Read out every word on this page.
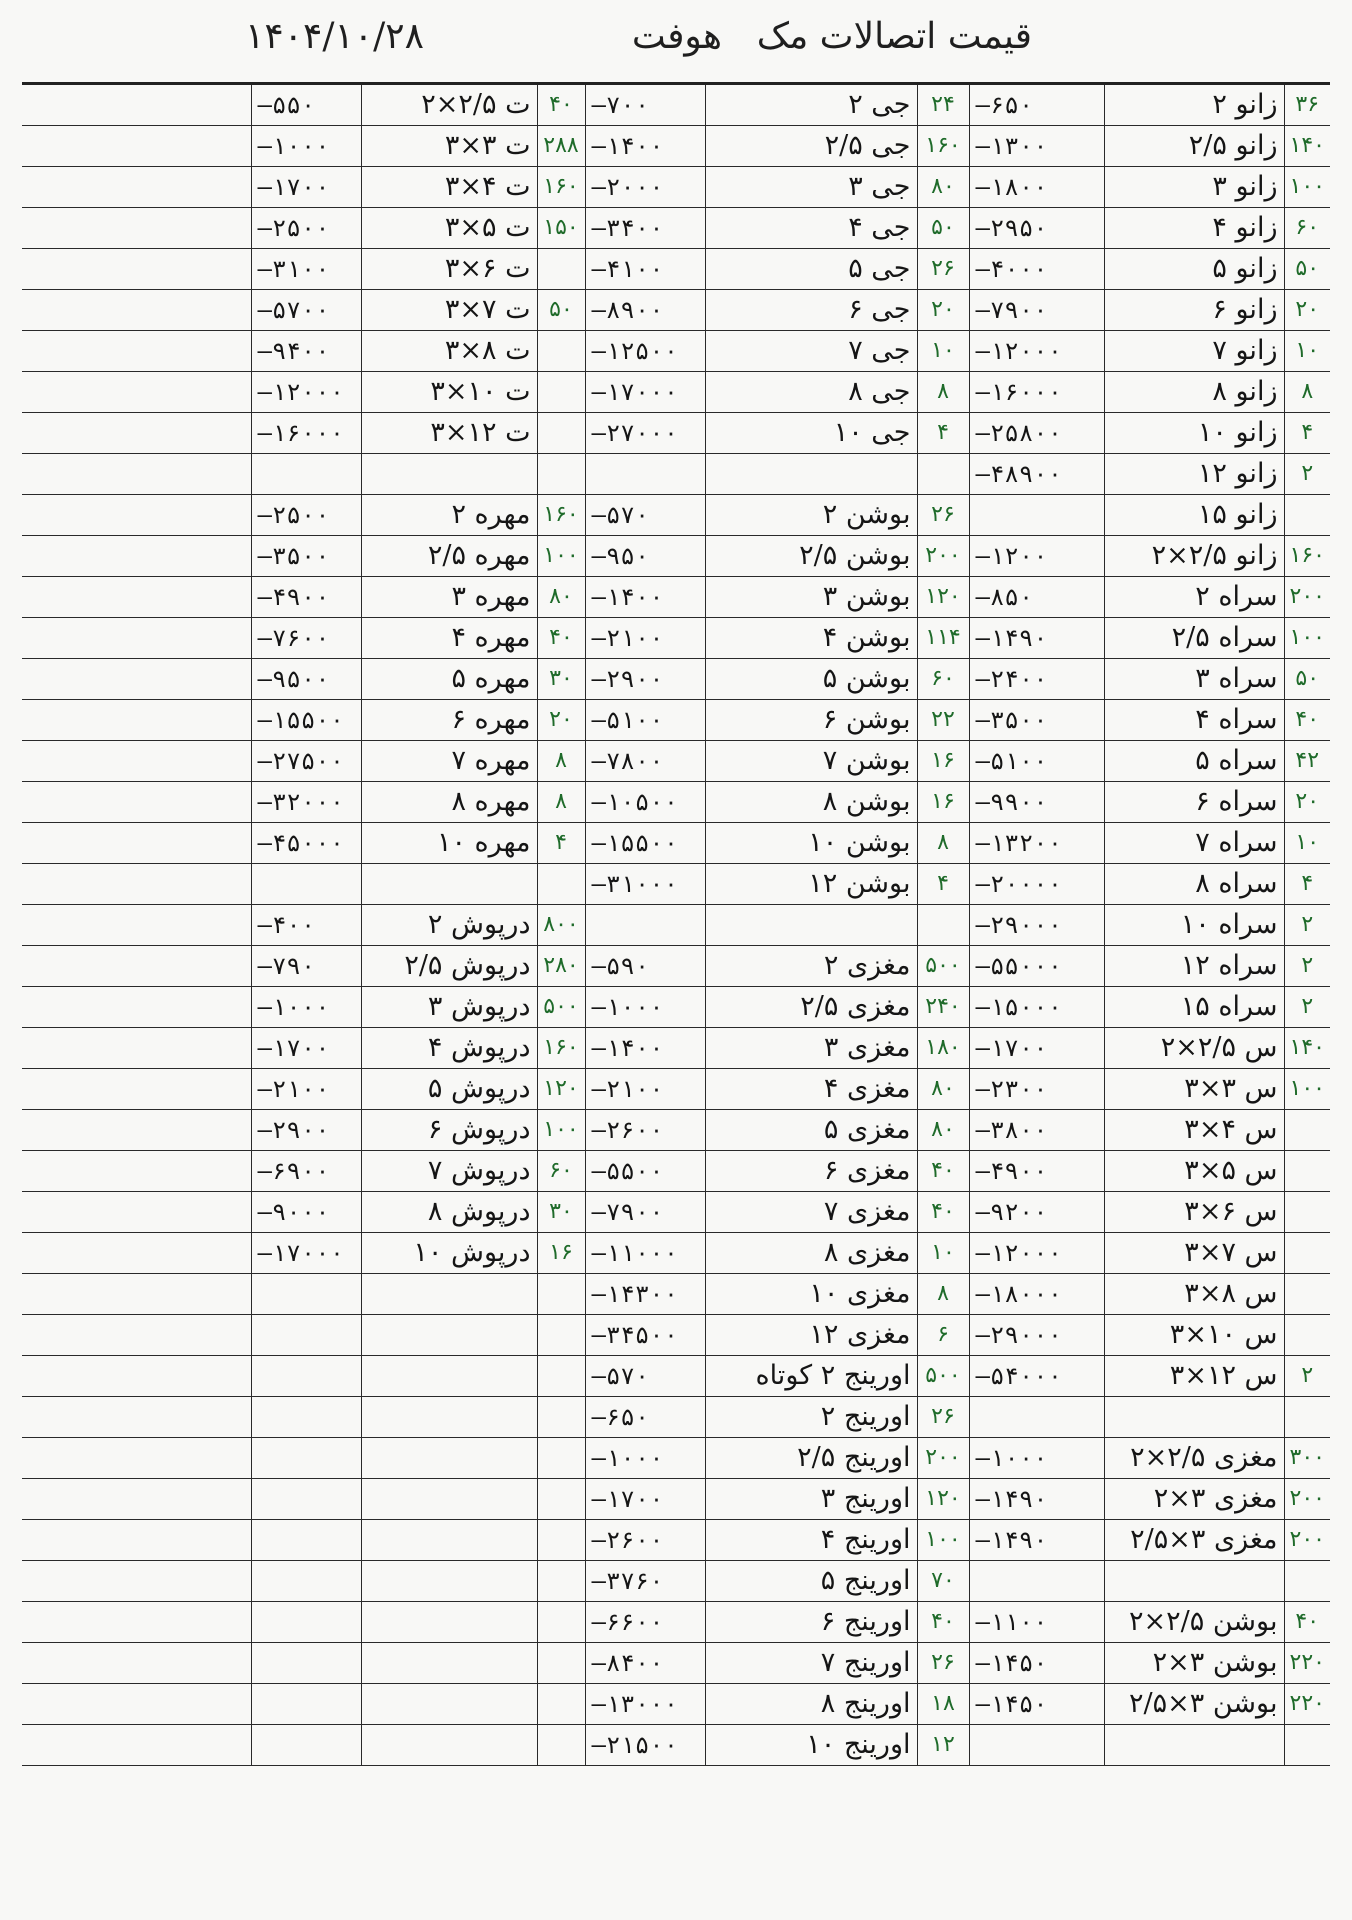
قیمت اتصالات مک
هوفت
۱۴۰۴/۱۰/۲۸
۳۶	زانو ۲	۶۵۰—	۲۴	جی ۲	۷۰۰—	۴۰	ت ۲/۵×۲	۵۵۰—	
۱۴۰	زانو ۲/۵	۱۳۰۰—	۱۶۰	جی ۲/۵	۱۴۰۰—	۲۸۸	ت ۳×۳	۱۰۰۰—	
۱۰۰	زانو ۳	۱۸۰۰—	۸۰	جی ۳	۲۰۰۰—	۱۶۰	ت ۴×۳	۱۷۰۰—	
۶۰	زانو ۴	۲۹۵۰—	۵۰	جی ۴	۳۴۰۰—	۱۵۰	ت ۵×۳	۲۵۰۰—	
۵۰	زانو ۵	۴۰۰۰—	۲۶	جی ۵	۴۱۰۰—		ت ۶×۳	۳۱۰۰—	
۲۰	زانو ۶	۷۹۰۰—	۲۰	جی ۶	۸۹۰۰—	۵۰	ت ۷×۳	۵۷۰۰—	
۱۰	زانو ۷	۱۲۰۰۰—	۱۰	جی ۷	۱۲۵۰۰—		ت ۸×۳	۹۴۰۰—	
۸	زانو ۸	۱۶۰۰۰—	۸	جی ۸	۱۷۰۰۰—		ت ۱۰×۳	۱۲۰۰۰—	
۴	زانو ۱۰	۲۵۸۰۰—	۴	جی ۱۰	۲۷۰۰۰—		ت ۱۲×۳	۱۶۰۰۰—	
۲	زانو ۱۲	۴۸۹۰۰—							
	زانو ۱۵		۲۶	بوشن ۲	۵۷۰—	۱۶۰	مهره ۲	۲۵۰۰—	
۱۶۰	زانو ۲/۵×۲	۱۲۰۰—	۲۰۰	بوشن ۲/۵	۹۵۰—	۱۰۰	مهره ۲/۵	۳۵۰۰—	
۲۰۰	سراه ۲	۸۵۰—	۱۲۰	بوشن ۳	۱۴۰۰—	۸۰	مهره ۳	۴۹۰۰—	
۱۰۰	سراه ۲/۵	۱۴۹۰—	۱۱۴	بوشن ۴	۲۱۰۰—	۴۰	مهره ۴	۷۶۰۰—	
۵۰	سراه ۳	۲۴۰۰—	۶۰	بوشن ۵	۲۹۰۰—	۳۰	مهره ۵	۹۵۰۰—	
۴۰	سراه ۴	۳۵۰۰—	۲۲	بوشن ۶	۵۱۰۰—	۲۰	مهره ۶	۱۵۵۰۰—	
۴۲	سراه ۵	۵۱۰۰—	۱۶	بوشن ۷	۷۸۰۰—	۸	مهره ۷	۲۷۵۰۰—	
۲۰	سراه ۶	۹۹۰۰—	۱۶	بوشن ۸	۱۰۵۰۰—	۸	مهره ۸	۳۲۰۰۰—	
۱۰	سراه ۷	۱۳۲۰۰—	۸	بوشن ۱۰	۱۵۵۰۰—	۴	مهره ۱۰	۴۵۰۰۰—	
۴	سراه ۸	۲۰۰۰۰—	۴	بوشن ۱۲	۳۱۰۰۰—				
۲	سراه ۱۰	۲۹۰۰۰—				۸۰۰	درپوش ۲	۴۰۰—	
۲	سراه ۱۲	۵۵۰۰۰—	۵۰۰	مغزی ۲	۵۹۰—	۲۸۰	درپوش ۲/۵	۷۹۰—	
۲	سراه ۱۵	۱۵۰۰۰—	۲۴۰	مغزی ۲/۵	۱۰۰۰—	۵۰۰	درپوش ۳	۱۰۰۰—	
۱۴۰	س ۲/۵×۲	۱۷۰۰—	۱۸۰	مغزی ۳	۱۴۰۰—	۱۶۰	درپوش ۴	۱۷۰۰—	
۱۰۰	س ۳×۳	۲۳۰۰—	۸۰	مغزی ۴	۲۱۰۰—	۱۲۰	درپوش ۵	۲۱۰۰—	
	س ۴×۳	۳۸۰۰—	۸۰	مغزی ۵	۲۶۰۰—	۱۰۰	درپوش ۶	۲۹۰۰—	
	س ۵×۳	۴۹۰۰—	۴۰	مغزی ۶	۵۵۰۰—	۶۰	درپوش ۷	۶۹۰۰—	
	س ۶×۳	۹۲۰۰—	۴۰	مغزی ۷	۷۹۰۰—	۳۰	درپوش ۸	۹۰۰۰—	
	س ۷×۳	۱۲۰۰۰—	۱۰	مغزی ۸	۱۱۰۰۰—	۱۶	درپوش ۱۰	۱۷۰۰۰—	
	س ۸×۳	۱۸۰۰۰—	۸	مغزی ۱۰	۱۴۳۰۰—				
	س ۱۰×۳	۲۹۰۰۰—	۶	مغزی ۱۲	۳۴۵۰۰—				
۲	س ۱۲×۳	۵۴۰۰۰—	۵۰۰	اورینج ۲ کوتاه	۵۷۰—				
			۲۶	اورینج ۲	۶۵۰—				
۳۰۰	مغزی ۲/۵×۲	۱۰۰۰—	۲۰۰	اورینج ۲/۵	۱۰۰۰—				
۲۰۰	مغزی ۳×۲	۱۴۹۰—	۱۲۰	اورینج ۳	۱۷۰۰—				
۲۰۰	مغزی ۳×۲/۵	۱۴۹۰—	۱۰۰	اورینج ۴	۲۶۰۰—				
			۷۰	اورینج ۵	۳۷۶۰—				
۴۰	بوشن ۲/۵×۲	۱۱۰۰—	۴۰	اورینج ۶	۶۶۰۰—				
۲۲۰	بوشن ۳×۲	۱۴۵۰—	۲۶	اورینج ۷	۸۴۰۰—				
۲۲۰	بوشن ۳×۲/۵	۱۴۵۰—	۱۸	اورینج ۸	۱۳۰۰۰—				
			۱۲	اورینج ۱۰	۲۱۵۰۰—				
